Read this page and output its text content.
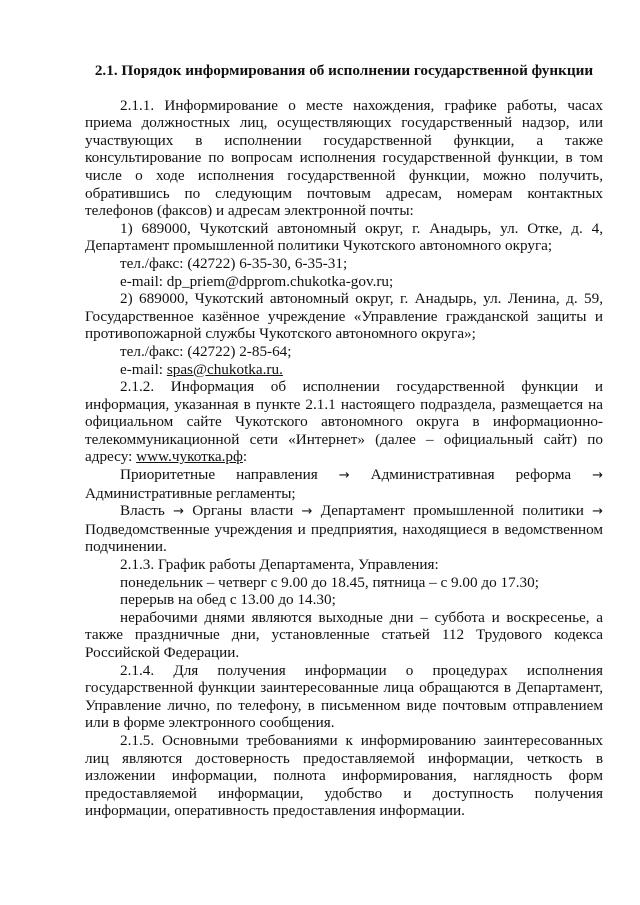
2.1. Порядок информирования об исполнении государственной функции

2.1.1. Информирование о месте нахождения, графике работы, часах приема должностных лиц, осуществляющих государственный надзор, или участвующих в исполнении государственной функции, а также консультирование по вопросам исполнения государственной функции, в том числе о ходе исполнения государственной функции, можно получить, обратившись по следующим почтовым адресам, номерам контактных телефонов (факсов) и адресам электронной почты:

1) 689000, Чукотский автономный округ, г. Анадырь, ул. Отке, д. 4, Департамент промышленной политики Чукотского автономного округа;

тел./факс: (42722) 6-35-30, 6-35-31;

e-mail: dp_priem@dpprom.chukotka-gov.ru;

2) 689000, Чукотский автономный округ, г. Анадырь, ул. Ленина, д. 59, Государственное казённое учреждение «Управление гражданской защиты и противопожарной службы Чукотского автономного округа»;

тел./факс: (42722) 2-85-64;

e-mail: spas@chukotka.ru.

2.1.2. Информация об исполнении государственной функции и информация, указанная в пункте 2.1.1 настоящего подраздела, размещается на официальном сайте Чукотского автономного округа в информационно-телекоммуникационной сети «Интернет» (далее – официальный сайт) по адресу: www.чукотка.рф:

Приоритетные направления → Административная реформа → Административные регламенты;

Власть → Органы власти → Департамент промышленной политики → Подведомственные учреждения и предприятия, находящиеся в ведомственном подчинении.

2.1.3. График работы Департамента, Управления:

понедельник – четверг с 9.00 до 18.45, пятница – с 9.00 до 17.30;

перерыв на обед с 13.00 до 14.30;

нерабочими днями являются выходные дни – суббота и воскресенье, а также праздничные дни, установленные статьей 112 Трудового кодекса Российской Федерации.

2.1.4. Для получения информации о процедурах исполнения государственной функции заинтересованные лица обращаются в Департамент, Управление лично, по телефону, в письменном виде почтовым отправлением или в форме электронного сообщения.

2.1.5. Основными требованиями к информированию заинтересованных лиц являются достоверность предоставляемой информации, четкость в изложении информации, полнота информирования, наглядность форм предоставляемой информации, удобство и доступность получения информации, оперативность предоставления информации.
